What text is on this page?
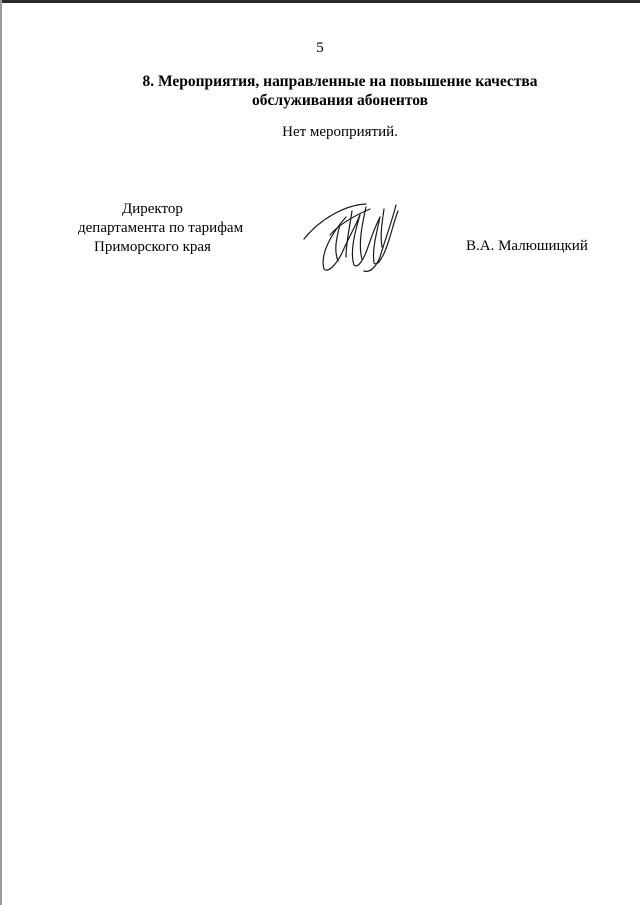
5
8. Мероприятия, направленные на повышение качества
обслуживания абонентов
Нет мероприятий.
Директор
департамента по тарифам
Приморского края	В.А. Малюшицкий
